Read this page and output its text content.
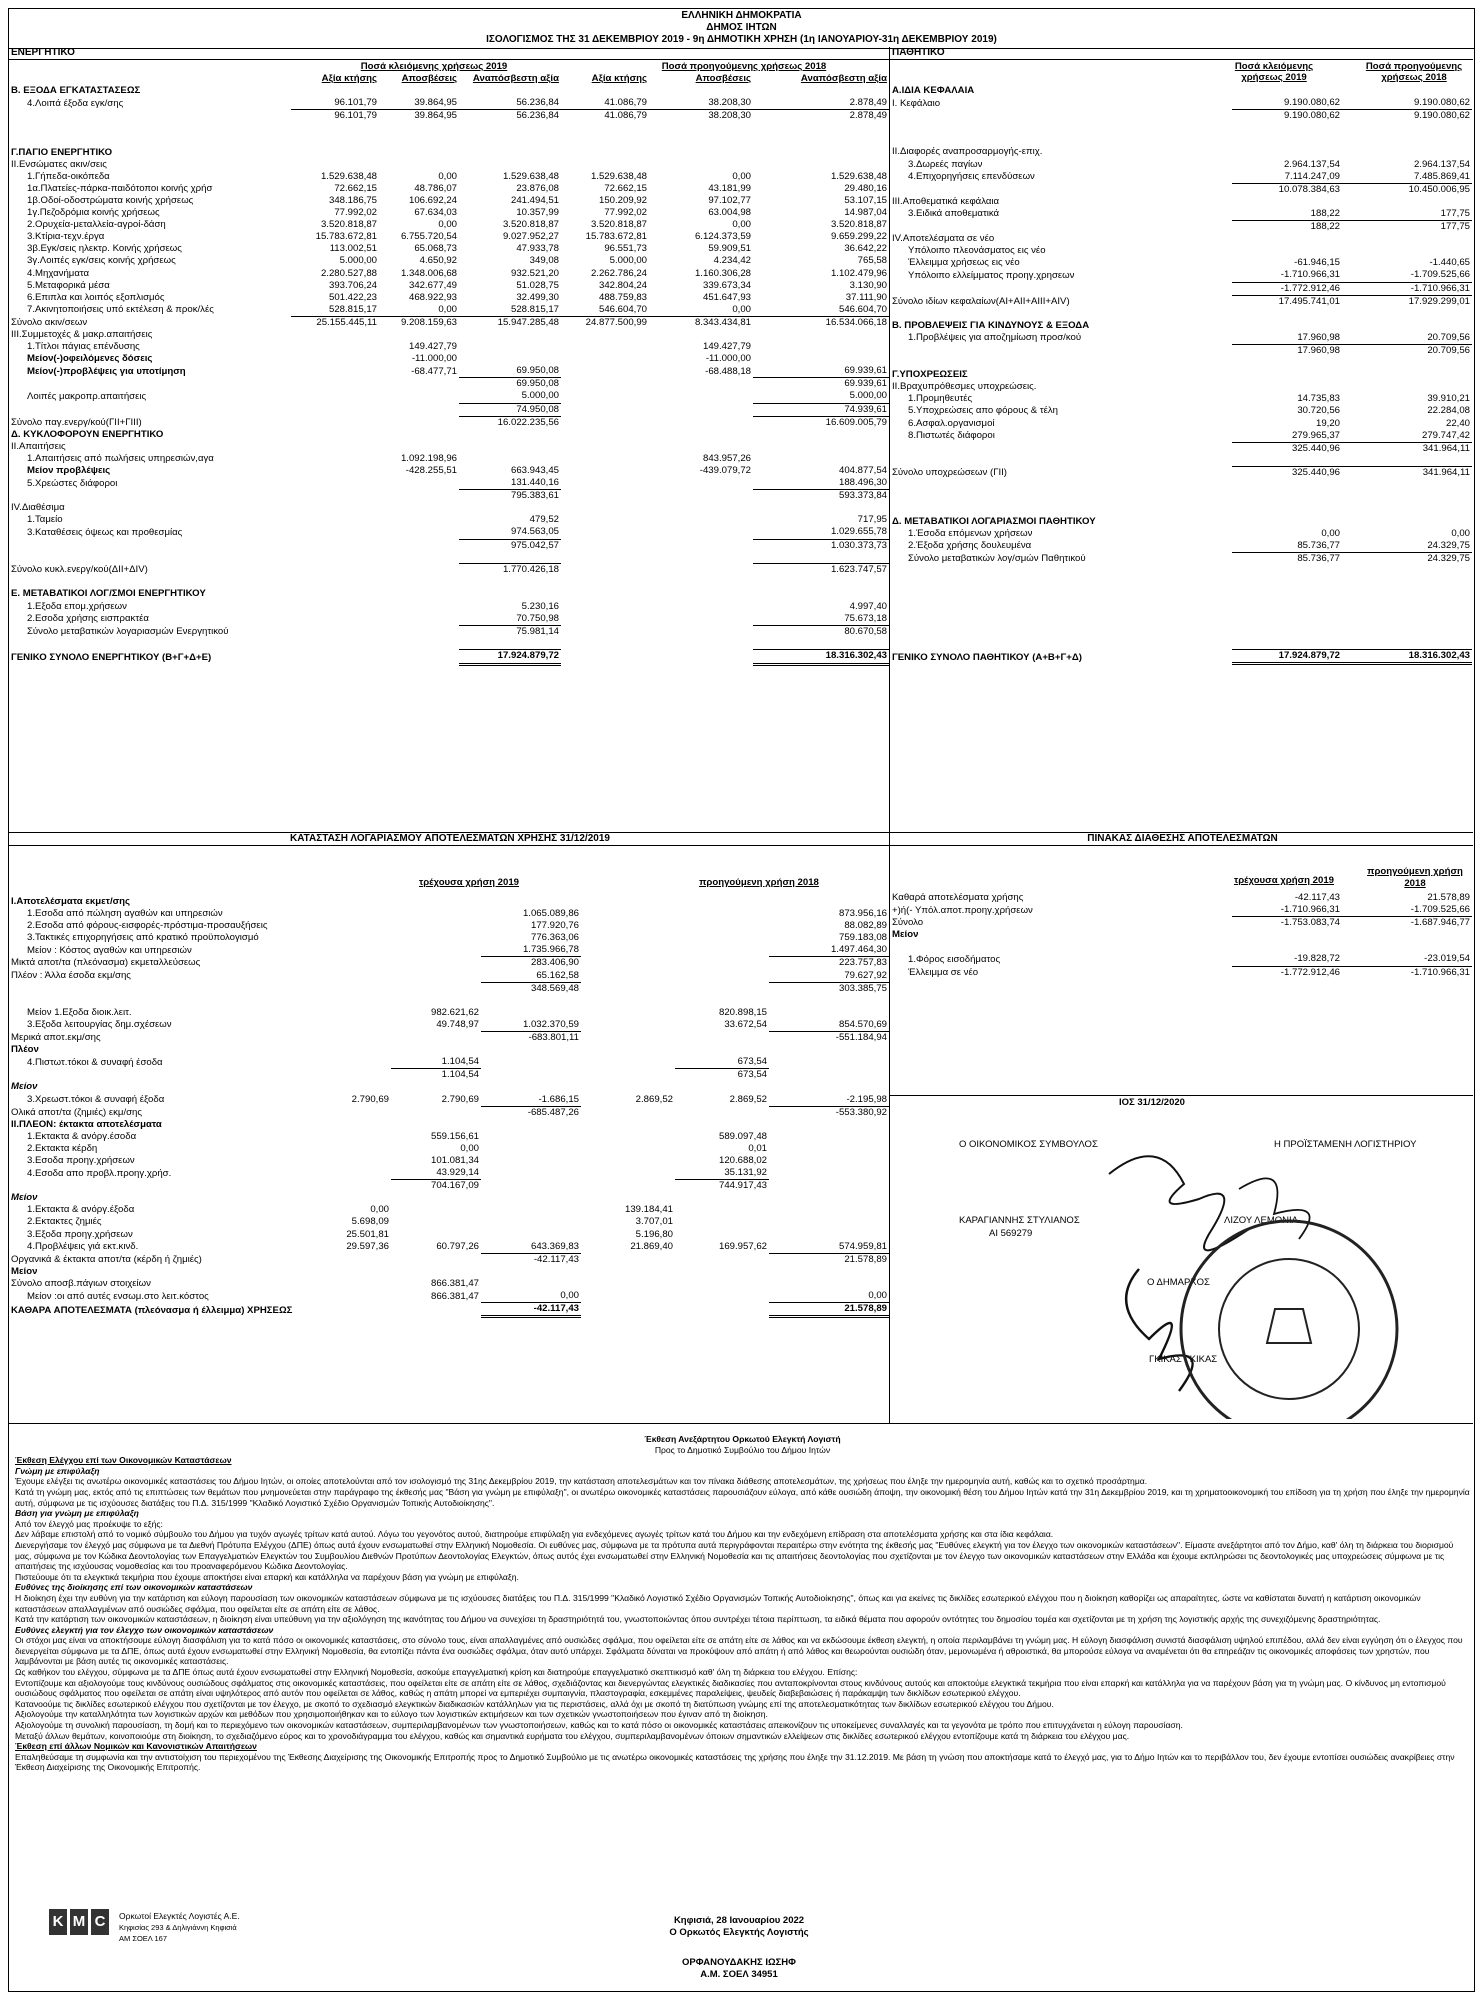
ΕΛΛΗΝΙΚΗ ΔΗΜΟΚΡΑΤΙΑ
ΔΗΜΟΣ ΙΗΤΩΝ
ΙΣΟΛΟΓΙΣΜΟΣ ΤΗΣ 31 ΔΕΚΕΜΒΡΙΟΥ 2019 - 9η ΔΗΜΟΤΙΚΗ ΧΡΗΣΗ (1η ΙΑΝΟΥΑΡΙΟΥ-31η ΔΕΚΕΜΒΡΙΟΥ 2019)
ΕΝΕΡΓΗΤΙΚΟ	ΠΑΘΗΤΙΚΟ
Ποσά κλειόμενης χρήσεως 2019	Ποσά προηγούμενης χρήσεως 2018
	Αξία κτήσης	Αποσβέσεις	Αναπόσβεστη αξία	Αξία κτήσης	Αποσβέσεις	Αναπόσβεστη αξία
Β. ΕΞΟΔΑ ΕΓΚΑΤΑΣΤΑΣΕΩΣ						
4.Λοιπά έξοδα εγκ/σης	96.101,79	39.864,95	56.236,84	41.086,79	38.208,30	2.878,49
	96.101,79	39.864,95	56.236,84	41.086,79	38.208,30	2.878,49

Γ.ΠΑΓΙΟ ΕΝΕΡΓΗΤΙΚΟ						
ΙΙ.Ενσώματες ακιν/σεις						
1.Γήπεδα-οικόπεδα	1.529.638,48	0,00	1.529.638,48	1.529.638,48	0,00	1.529.638,48
1α.Πλατείες-πάρκα-παιδότοποι κοινής χρήσ	72.662,15	48.786,07	23.876,08	72.662,15	43.181,99	29.480,16
1β.Οδοί-οδοστρώματα κοινής χρήσεως	348.186,75	106.692,24	241.494,51	150.209,92	97.102,77	53.107,15
1γ.Πεζοδρόμια κοινής χρήσεως	77.992,02	67.634,03	10.357,99	77.992,02	63.004,98	14.987,04
2.Ορυχεία-μεταλλεία-αγροί-δάση	3.520.818,87	0,00	3.520.818,87	3.520.818,87	0,00	3.520.818,87
3.Κτίρια-τεχν.έργα	15.783.672,81	6.755.720,54	9.027.952,27	15.783.672,81	6.124.373,59	9.659.299,22
3β.Εγκ/σεις ηλεκτρ. Κοινής χρήσεως	113.002,51	65.068,73	47.933,78	96.551,73	59.909,51	36.642,22
3γ.Λοιπές εγκ/σεις κοινής χρήσεως	5.000,00	4.650,92	349,08	5.000,00	4.234,42	765,58
4.Μηχανήματα	2.280.527,88	1.348.006,68	932.521,20	2.262.786,24	1.160.306,28	1.102.479,96
5.Μεταφορικά μέσα	393.706,24	342.677,49	51.028,75	342.804,24	339.673,34	3.130,90
6.Επιπλα και λοιπός εξοπλισμός	501.422,23	468.922,93	32.499,30	488.759,83	451.647,93	37.111,90
7.Ακινητοποιήσεις υπό εκτέλεση & προκ/λές	528.815,17	0,00	528.815,17	546.604,70	0,00	546.604,70
Σύνολο ακιν/σεων	25.155.445,11	9.208.159,63	15.947.285,48	24.877.500,99	8.343.434,81	16.534.066,18
ΙΙΙ.Συμμετοχές & μακρ.απαιτήσεις						
1.Τίτλοι πάγιας επένδυσης		149.427,79			149.427,79	
Μείον(-)οφειλόμενες δόσεις		-11.000,00			-11.000,00	
Μείον(-)προβλέψεις για υποτίμηση		-68.477,71	69.950,08		-68.488,18	69.939,61
			69.950,08			69.939,61
Λοιπές μακροπρ.απαιτήσεις			5.000,00			5.000,00
			74.950,08			74.939,61
Σύνολο παγ.ενεργ/κού(ΓΙΙ+ΓΙΙΙ)			16.022.235,56			16.609.005,79
Δ. ΚΥΚΛΟΦΟΡΟΥΝ ΕΝΕΡΓΗΤΙΚΟ						
ΙΙ.Απαιτήσεις						
1.Απαιτήσεις από πωλήσεις υπηρεσιών,αγα		1.092.198,96			843.957,26	
Μείον προβλέψεις		-428.255,51	663.943,45		-439.079,72	404.877,54
5.Χρεώστες διάφοροι			131.440,16			188.496,30
			795.383,61			593.373,84
ΙV.Διαθέσιμα						
1.Ταμείο			479,52			717,95
3.Καταθέσεις όψεως και προθεσμίας			974.563,05			1.029.655,78
			975.042,57			1.030.373,73

Σύνολο κυκλ.ενεργ/κού(ΔΙΙ+ΔΙV)			1.770.426,18			1.623.747,57

Ε. ΜΕΤΑΒΑΤΙΚΟΙ ΛΟΓ/ΣΜΟΙ ΕΝΕΡΓΗΤΙΚΟΥ						
1.Εξοδα επομ.χρήσεων			5.230,16			4.997,40
2.Εσοδα χρήσης εισπρακτέα			70.750,98			75.673,18
Σύνολο μεταβατικών λογαριασμών Ενεργητικού			75.981,14			80.670,58

ΓΕΝΙΚΟ ΣΥΝΟΛΟ ΕΝΕΡΓΗΤΙΚΟΥ (Β+Γ+Δ+Ε)			17.924.879,72			18.316.302,43
Ποσά κλειόμενης
χρήσεως 2019
Ποσά προηγούμενης
χρήσεως 2018
Α.ΙΔΙΑ ΚΕΦΑΛΑΙΑ		
Ι. Κεφάλαιο	9.190.080,62	9.190.080,62
	9.190.080,62	9.190.080,62

ΙΙ.Διαφορές αναπροσαρμογής-επιχ.		
3.Δωρεές παγίων	2.964.137,54	2.964.137,54
4.Επιχορηγήσεις επενδύσεων	7.114.247,09	7.485.869,41
	10.078.384,63	10.450.006,95
ΙΙΙ.Αποθεματικά κεφάλαια		
3.Ειδικά αποθεματικά	188,22	177,75
	188,22	177,75
IV.Αποτελέσματα σε νέο		
Υπόλοιπο πλεονάσματος εις νέο		
Έλλειμμα χρήσεως εις νέο	-61.946,15	-1.440,65
Υπόλοιπο ελλείμματος προηγ.χρησεων	-1.710.966,31	-1.709.525,66
	-1.772.912,46	-1.710.966,31
Σύνολο ιδίων κεφαλαίων(ΑΙ+ΑΙΙ+ΑΙΙΙ+ΑΙV)	17.495.741,01	17.929.299,01

Β. ΠΡΟΒΛΕΨΕΙΣ ΓΙΑ ΚΙΝΔΥΝΟΥΣ & ΕΞΟΔΑ		
1.Προβλέψεις για αποζημίωση προσ/κού	17.960,98	20.709,56
	17.960,98	20.709,56

Γ.ΥΠΟΧΡΕΩΣΕΙΣ		
ΙΙ.Βραχυπρόθεσμες υποχρεώσεις.		
1.Προμηθευτές	14.735,83	39.910,21
5.Υποχρεώσεις απο φόρους & τέλη	30.720,56	22.284,08
6.Ασφαλ.οργανισμοί	19,20	22,40
8.Πιστωτές διάφοροι	279.965,37	279.747,42
	325.440,96	341.964,11

Σύνολο υποχρεώσεων (ΓΙΙ)	325.440,96	341.964,11

Δ. ΜΕΤΑΒΑΤΙΚΟΙ ΛΟΓΑΡΙΑΣΜΟΙ ΠΑΘΗΤΙΚΟΥ		
1.Έσοδα επόμενων χρήσεων	0,00	0,00
2.Έξοδα χρήσης δουλευμένα	85.736,77	24.329,75
Σύνολο μεταβατικών λογ/σμών Παθητικού	85.736,77	24.329,75

ΓΕΝΙΚΟ ΣΥΝΟΛΟ ΠΑΘΗΤΙΚΟΥ (Α+Β+Γ+Δ)	17.924.879,72	18.316.302,43
ΚΑΤΑΣΤΑΣΗ ΛΟΓΑΡΙΑΣΜΟΥ ΑΠΟΤΕΛΕΣΜΑΤΩΝ ΧΡΗΣΗΣ 31/12/2019	ΠΙΝΑΚΑΣ ΔΙΑΘΕΣΗΣ ΑΠΟΤΕΛΕΣΜΑΤΩΝ
τρέχουσα χρήση 2019	προηγούμενη χρήση 2018
Ι.Αποτελέσματα εκμετ/σης						
1.Εσοδα από πώληση αγαθών και υπηρεσιών			1.065.089,86			873.956,16
2.Εσοδα από φόρους-εισφορές-πρόστιμα-προσαυξήσεις			177.920,76			88.082,89
3.Τακτικές επιχορηγήσεις από κρατικό προϋπολογισμό			776.363,06			759.183,08
Μείον : Κόστος αγαθών και υπηρεσιών			1.735.966,78			1.497.464,30
Μικτά αποτ/τα (πλεόνασμα) εκμεταλλεύσεως			283.406,90			223.757,83
Πλέον : Άλλα έσοδα εκμ/σης			65.162,58			79.627,92
			348.569,48			303.385,75

Μείον 1.Εξοδα διοικ.λειτ.		982.621,62			820.898,15	
3.Εξοδα λειτουργίας δημ.σχέσεων		49.748,97	1.032.370,59		33.672,54	854.570,69
Μερικά αποτ.εκμ/σης			-683.801,11			-551.184,94
Πλέον						
4.Πιστωτ.τόκοι & συναφή έσοδα		1.104,54			673,54	
		1.104,54			673,54	
Μείον						
3.Χρεωστ.τόκοι & συναφή έξοδα	2.790,69	2.790,69	-1.686,15	2.869,52	2.869,52	-2.195,98
Ολικά αποτ/τα (ζημιές) εκμ/σης			-685.487,26			-553.380,92
ΙΙ.ΠΛΕΟΝ: έκτακτα αποτελέσματα						
1.Εκτακτα & ανόργ.έσοδα		559.156,61			589.097,48	
2.Εκτακτα κέρδη		0,00			0,01	
3.Εσοδα προηγ.χρήσεων		101.081,34			120.688,02	
4.Εσοδα απο προβλ.προηγ.χρήσ.		43.929,14			35.131,92	
		704.167,09			744.917,43	
Μείον						
1.Εκτακτα & ανόργ.έξοδα	0,00			139.184,41		
2.Εκτακτες ζημιές	5.698,09			3.707,01		
3.Εξοδα προηγ.χρήσεων	25.501,81			5.196,80		
4.Προβλέψεις γιά εκτ.κινδ.	29.597,36	60.797,26	643.369,83	21.869,40	169.957,62	574.959,81
Οργανικά & έκτακτα αποτ/τα (κέρδη ή ζημιές)			-42.117,43			21.578,89
Μείον						
Σύνολο αποσβ.πάγιων στοιχείων		866.381,47				
Μείον :οι από αυτές ενσωμ.στο λειτ.κόστος		866.381,47	0,00			0,00
ΚΑΘΑΡΑ ΑΠΟΤΕΛΕΣΜΑΤΑ (πλεόνασμα ή έλλειμμα) ΧΡΗΣΕΩΣ			-42.117,43			21.578,89
τρέχουσα χρήση 2019
προηγούμενη χρήση
2018
Καθαρά αποτελέσματα χρήσης	-42.117,43	21.578,89
+)ή(- Υπόλ.αποτ.προηγ.χρήσεων	-1.710.966,31	-1.709.525,66
Σύνολο	-1.753.083,74	-1.687.946,77
Μείον		

1.Φόρος εισοδήματος	-19.828,72	-23.019,54
Έλλειμμα σε νέο	-1.772.912,46	-1.710.966,31
ΙΟΣ 31/12/2020
Ο ΟΙΚΟΝΟΜΙΚΟΣ ΣΥΜΒΟΥΛΟΣ	Η ΠΡΟΪΣΤΑΜΕΝΗ ΛΟΓΙΣΤΗΡΙΟΥ
ΚΑΡΑΓΙΑΝΝΗΣ ΣΤΥΛΙΑΝΟΣ
ΑΙ 569279
ΛΙΖΟΥ ΛΕΜΟΝΙΑ
Ο ΔΗΜΑΡΧΟΣ
ΓΚΙΚΑΣ ΓΚΙΚΑΣ

Έκθεση Ανεξάρτητου Ορκωτού Ελεγκτή Λογιστή

Προς το Δημοτικό Συμβούλιο του Δήμου Ιητών

Έκθεση Ελέγχου επί των Οικονομικών Καταστάσεων

Γνώμη με επιφύλαξη

Έχουμε ελέγξει τις ανωτέρω οικονομικές καταστάσεις του Δήμου Ιητών, οι οποίες αποτελούνται από τον ισολογισμό της 31ης Δεκεμβρίου 2019, την κατάσταση αποτελεσμάτων και τον πίνακα διάθεσης αποτελεσμάτων, της χρήσεως που έληξε την ημερομηνία αυτή, καθώς και το σχετικό προσάρτημα.

Κατά τη γνώμη μας, εκτός από τις επιπτώσεις των θεμάτων που μνημονεύεται στην παράγραφο της έκθεσής μας "Βάση για γνώμη με επιφύλαξη", οι ανωτέρω οικονομικές καταστάσεις παρουσιάζουν εύλογα, από κάθε ουσιώδη άποψη, την οικονομική θέση του Δήμου Ιητών κατά την 31η Δεκεμβρίου 2019, και τη χρηματοοικονομική του επίδοση για τη χρήση που έληξε την ημερομηνία αυτή, σύμφωνα με τις ισχύουσες διατάξεις του Π.Δ. 315/1999 "Κλαδικό Λογιστικό Σχέδιο Οργανισμών Τοπικής Αυτοδιοίκησης".

Βάση για γνώμη με επιφύλαξη

Από τον έλεγχό μας προέκυψε το εξής:

Δεν λάβαμε επιστολή από το νομικό σύμβουλο του Δήμου για τυχόν αγωγές τρίτων κατά αυτού. Λόγω του γεγονότος αυτού, διατηρούμε επιφύλαξη για ενδεχόμενες αγωγές τρίτων κατά του Δήμου και την ενδεχόμενη επίδραση στα αποτελέσματα χρήσης και στα ίδια κεφάλαια.

Διενεργήσαμε τον έλεγχό μας σύμφωνα με τα Διεθνή Πρότυπα Ελέγχου (ΔΠΕ) όπως αυτά έχουν ενσωματωθεί στην Ελληνική Νομοθεσία. Οι ευθύνες μας, σύμφωνα με τα πρότυπα αυτά περιγράφονται περαιτέρω στην ενότητα της έκθεσής μας "Ευθύνες ελεγκτή για τον έλεγχο των οικονομικών καταστάσεων". Είμαστε ανεξάρτητοι από τον Δήμο, καθ' όλη τη διάρκεια του διορισμού μας, σύμφωνα με τον Κώδικα Δεοντολογίας των Επαγγελματιών Ελεγκτών του Συμβουλίου Διεθνών Προτύπων Δεοντολογίας Ελεγκτών, όπως αυτός έχει ενσωματωθεί στην Ελληνική Νομοθεσία και τις απαιτήσεις δεοντολογίας που σχετίζονται με τον έλεγχο των οικονομικών καταστάσεων στην Ελλάδα και έχουμε εκπληρώσει τις δεοντολογικές μας υποχρεώσεις σύμφωνα με τις απαιτήσεις της ισχύουσας νομοθεσίας και του προαναφερόμενου Κώδικα Δεοντολογίας.

Πιστεύουμε ότι τα ελεγκτικά τεκμήρια που έχουμε αποκτήσει είναι επαρκή και κατάλληλα να παρέχουν βάση για γνώμη με επιφύλαξη.

Ευθύνες της διοίκησης επί των οικονομικών καταστάσεων

Η διοίκηση έχει την ευθύνη για την κατάρτιση και εύλογη παρουσίαση των οικονομικών καταστάσεων σύμφωνα με τις ισχύουσες διατάξεις του Π.Δ. 315/1999 "Κλαδικό Λογιστικό Σχέδιο Οργανισμών Τοπικής Αυτοδιοίκησης", όπως και για εκείνες τις δικλίδες εσωτερικού ελέγχου που η διοίκηση καθορίζει ως απαραίτητες, ώστε να καθίσταται δυνατή η κατάρτιση οικονομικών καταστάσεων απαλλαγμένων από ουσιώδες σφάλμα, που οφείλεται είτε σε απάτη είτε σε λάθος.

Κατά την κατάρτιση των οικονομικών καταστάσεων, η διοίκηση είναι υπεύθυνη για την αξιολόγηση της ικανότητας του Δήμου να συνεχίσει τη δραστηριότητά του, γνωστοποιώντας όπου συντρέχει τέτοια περίπτωση, τα ειδικά θέματα που αφορούν οντότητες του δημοσίου τομέα και σχετίζονται με τη χρήση της λογιστικής αρχής της συνεχιζόμενης δραστηριότητας.

Ευθύνες ελεγκτή για τον έλεγχο των οικονομικών καταστάσεων

Οι στόχοι μας είναι να αποκτήσουμε εύλογη διασφάλιση για το κατά πόσο οι οικονομικές καταστάσεις, στο σύνολο τους, είναι απαλλαγμένες από ουσιώδες σφάλμα, που οφείλεται είτε σε απάτη είτε σε λάθος και να εκδώσουμε έκθεση ελεγκτή, η οποία περιλαμβάνει τη γνώμη μας. Η εύλογη διασφάλιση συνιστά διασφάλιση υψηλού επιπέδου, αλλά δεν είναι εγγύηση ότι ο έλεγχος που διενεργείται σύμφωνα με τα ΔΠΕ, όπως αυτά έχουν ενσωματωθεί στην Ελληνική Νομοθεσία, θα εντοπίζει πάντα ένα ουσιώδες σφάλμα, όταν αυτό υπάρχει. Σφάλματα δύναται να προκύψουν από απάτη ή από λάθος και θεωρούνται ουσιώδη όταν, μεμονωμένα ή αθροιστικά, θα μπορούσε εύλογα να αναμένεται ότι θα επηρεάζαν τις οικονομικές αποφάσεις των χρηστών, που λαμβάνονται με βάση αυτές τις οικονομικές καταστάσεις.

Ως καθήκον του ελέγχου, σύμφωνα με τα ΔΠΕ όπως αυτά έχουν ενσωματωθεί στην Ελληνική Νομοθεσία, ασκούμε επαγγελματική κρίση και διατηρούμε επαγγελματικό σκεπτικισμό καθ' όλη τη διάρκεια του ελέγχου. Επίσης:

Εντοπίζουμε και αξιολογούμε τους κινδύνους ουσιώδους σφάλματος στις οικονομικές καταστάσεις, που οφείλεται είτε σε απάτη είτε σε λάθος, σχεδιάζοντας και διενεργώντας ελεγκτικές διαδικασίες που ανταποκρίνονται στους κινδύνους αυτούς και αποκτούμε ελεγκτικά τεκμήρια που είναι επαρκή και κατάλληλα για να παρέχουν βάση για τη γνώμη μας. Ο κίνδυνος μη εντοπισμού ουσιώδους σφάλματος που οφείλεται σε απάτη είναι υψηλότερος από αυτόν που οφείλεται σε λάθος, καθώς η απάτη μπορεί να εμπεριέχει συμπαιγνία, πλαστογραφία, εσκεμμένες παραλείψεις, ψευδείς διαβεβαιώσεις ή παράκαμψη των δικλίδων εσωτερικού ελέγχου.

Κατανοούμε τις δικλίδες εσωτερικού ελέγχου που σχετίζονται με τον έλεγχο, με σκοπό το σχεδιασμό ελεγκτικών διαδικασιών κατάλληλων για τις περιστάσεις, αλλά όχι με σκοπό τη διατύπωση γνώμης επί της αποτελεσματικότητας των δικλίδων εσωτερικού ελέγχου του Δήμου.

Αξιολογούμε την καταλληλότητα των λογιστικών αρχών και μεθόδων που χρησιμοποιήθηκαν και το εύλογο των λογιστικών εκτιμήσεων και των σχετικών γνωστοποιήσεων που έγιναν από τη διοίκηση.

Αξιολογούμε τη συνολική παρουσίαση, τη δομή και το περιεχόμενο των οικονομικών καταστάσεων, συμπεριλαμβανομένων των γνωστοποιήσεων, καθώς και το κατά πόσο οι οικονομικές καταστάσεις απεικονίζουν τις υποκείμενες συναλλαγές και τα γεγονότα με τρόπο που επιτυγχάνεται η εύλογη παρουσίαση.

Μεταξύ άλλων θεμάτων, κοινοποιούμε στη διοίκηση, το σχεδιαζόμενο εύρος και το χρονοδιάγραμμα του ελέγχου, καθώς και σημαντικά ευρήματα του ελέγχου, συμπεριλαμβανομένων όποιων σημαντικών ελλείψεων στις δικλίδες εσωτερικού ελέγχου εντοπίζουμε κατά τη διάρκεια του ελέγχου μας.

Έκθεση επί άλλων Νομικών και Κανονιστικών Απαιτήσεων

Επαληθεύσαμε τη συμφωνία και την αντιστοίχιση του περιεχομένου της Έκθεσης Διαχείρισης της Οικονομικής Επιτροπής προς το Δημοτικό Συμβούλιο με τις ανωτέρω οικονομικές καταστάσεις της χρήσης που έληξε την 31.12.2019. Με βάση τη γνώση που αποκτήσαμε κατά το έλεγχό μας, για το Δήμο Ιητών και το περιβάλλον του, δεν έχουμε εντοπίσει ουσιώδεις ανακρίβειες στην Έκθεση Διαχείρισης της Οικονομικής Επιτροπής.

Κηφισιά, 28 Ιανουαρίου 2022
Ο Ορκωτός Ελεγκτής Λογιστής
ΟΡΦΑΝΟΥΔΑΚΗΣ ΙΩΣΗΦ
Α.Μ. ΣΟΕΛ 34951
K M C	Ορκωτοί Ελεγκτές Λογιστές Α.Ε.
Κηφισίας 293 & Δηλιγιάννη Κηφισιά
ΑΜ ΣΟΕΛ 167
